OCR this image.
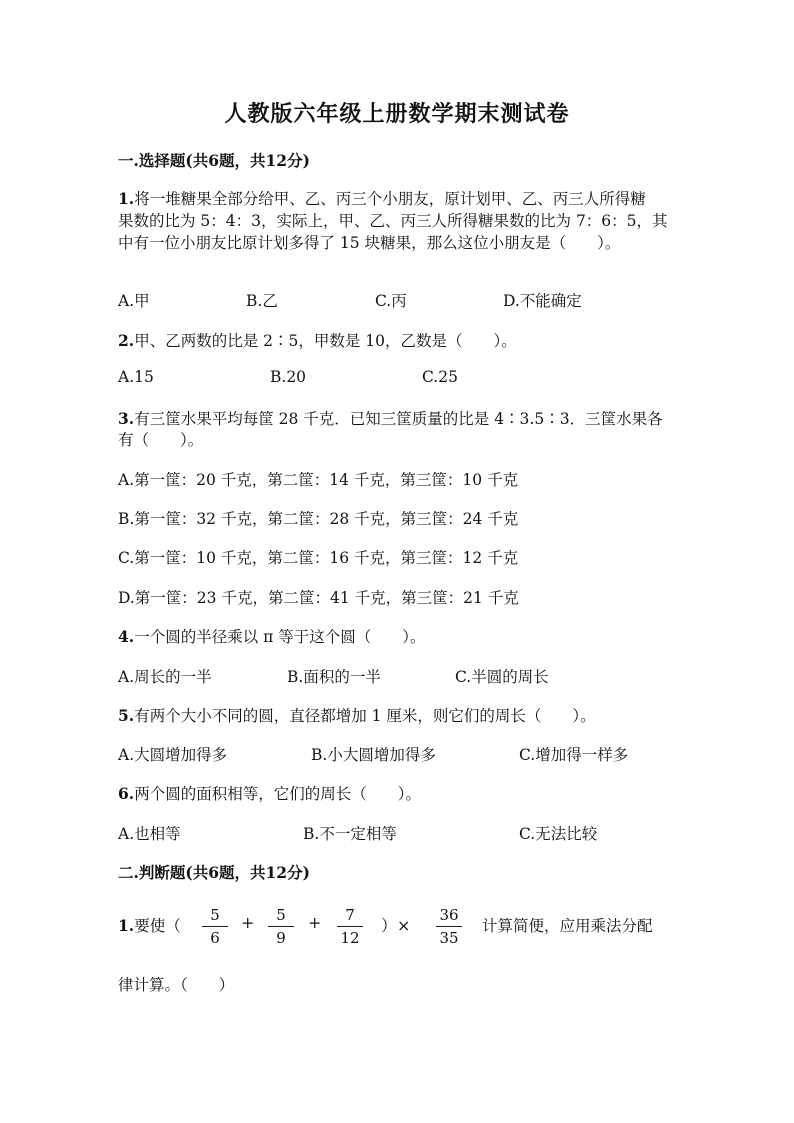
人教版六年级上册数学期末测试卷
一.选择题(共6题，共12分)
1.将一堆糖果全部分给甲、乙、丙三个小朋友，原计划甲、乙、丙三人所得糖
果数的比为 5：4：3，实际上，甲、乙、丙三人所得糖果数的比为 7：6：5，其
中有一位小朋友比原计划多得了 15 块糖果，那么这位小朋友是（　　）。
A.甲	B.乙	C.丙	D.不能确定
2.甲、乙两数的比是 2∶5，甲数是 10，乙数是（　　）。
A.15	B.20	C.25
3.有三筐水果平均每筐 28 千克．已知三筐质量的比是 4∶3.5∶3．三筐水果各
有（　　）。
A.第一筐：20 千克，第二筐：14 千克，第三筐：10 千克
B.第一筐：32 千克，第二筐：28 千克，第三筐：24 千克
C.第一筐：10 千克，第二筐：16 千克，第三筐：12 千克
D.第一筐：23 千克，第二筐：41 千克，第三筐：21 千克
4.一个圆的半径乘以 π 等于这个圆（　　）。
A.周长的一半	B.面积的一半	C.半圆的周长
5.有两个大小不同的圆，直径都增加 1 厘米，则它们的周长（　　）。
A.大圆增加得多	B.小大圆增加得多	C.增加得一样多
6.两个圆的面积相等，它们的周长（　　）。
A.也相等	B.不一定相等	C.无法比较
二.判断题(共6题，共12分)
1.要使（
5
6
+	5
9
+	7
12
）×
36
35
计算简便，应用乘法分配
律计算。（　　）
